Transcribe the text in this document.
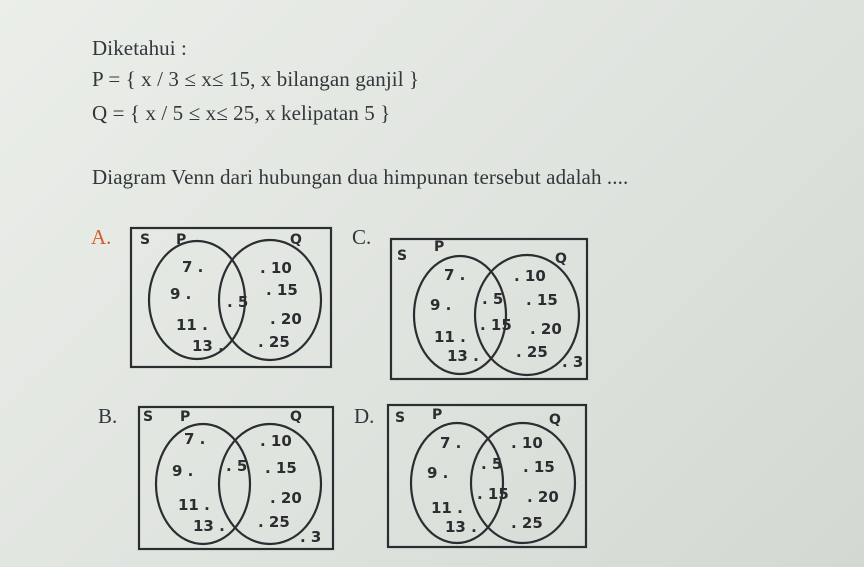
Diketahui :
P = { x / 3 ≤ x≤ 15, x bilangan ganjil }
Q = { x / 5 ≤ x≤ 25, x kelipatan 5 }
Diagram Venn dari hubungan dua himpunan tersebut adalah ....
A.
B.
C.
D.
S P	Q
7 .
9 .
11 .
13 .
. 5
. 10
. 15
. 20
. 25
S P	Q
7 .
9 .
11 .
13 .
. 5
. 10
. 15
. 20
. 25
. 3
S
P
Q
7 .
9 .
11 .
13 .
. 5
. 15
. 10
. 15
. 20
. 25
. 3
S P	Q
7 .
9 .
11 .
13 .
. 5
. 15
. 10
. 15
. 20
. 25
